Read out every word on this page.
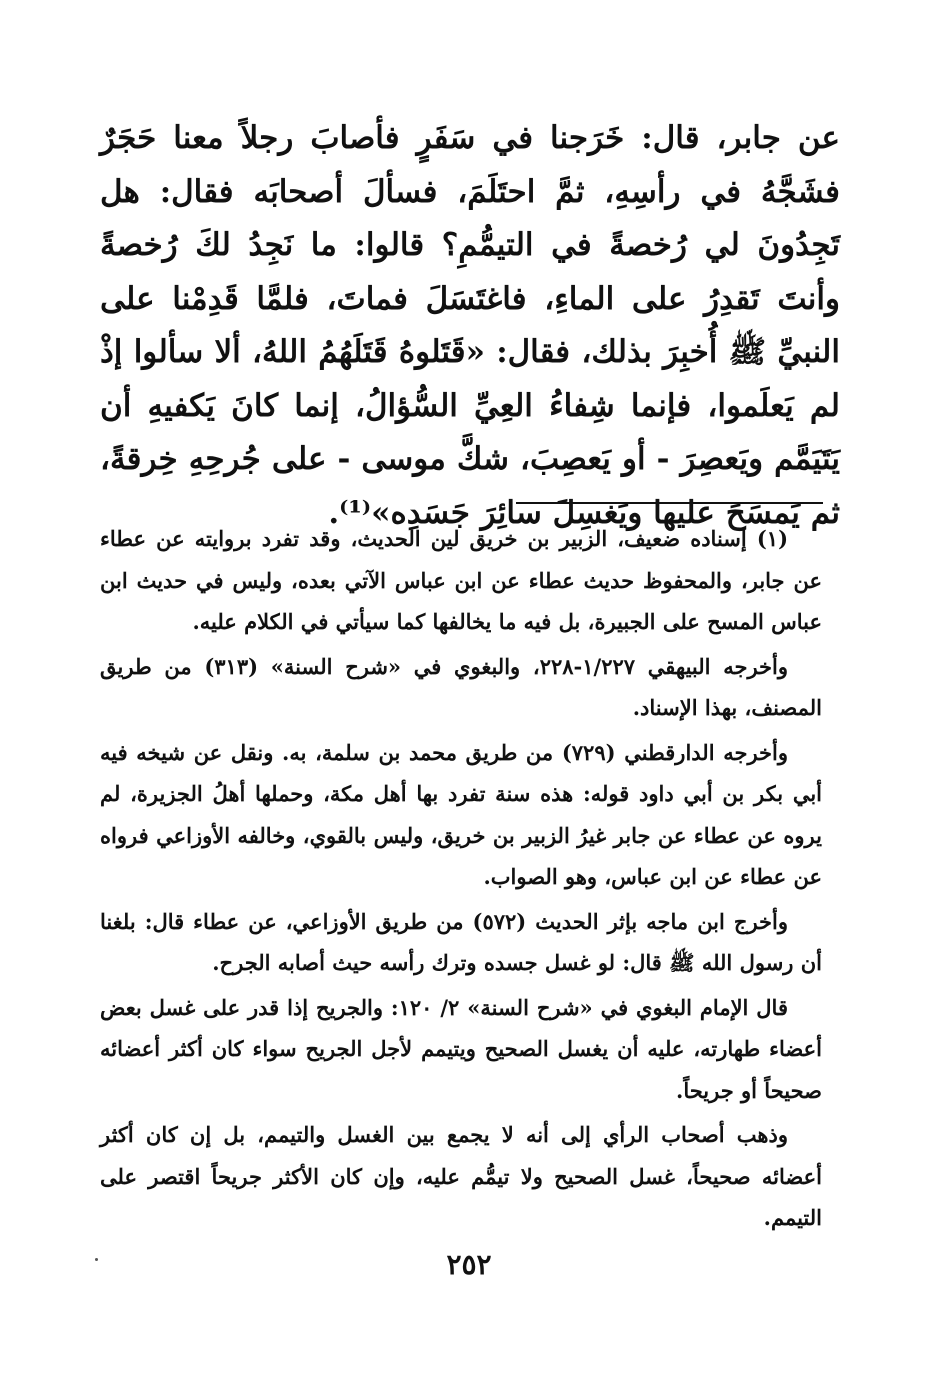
عن جابر، قال: خَرَجنا في سَفَرٍ فأصابَ رجلاً معنا حَجَرٌ فشَجَّهُ في رأسِهِ، ثمَّ احتَلَمَ، فسألَ أصحابَه فقال: هل تَجِدُونَ لي رُخصةً في التيمُّمِ؟ قالوا: ما نَجِدُ لكَ رُخصةً وأنتَ تَقدِرُ على الماءِ، فاغتَسَلَ فماتَ، فلمَّا قَدِمْنا على النبيِّ ﷺ أُخبِرَ بذلك، فقال: «قَتَلوهُ قَتَلَهُمُ اللهُ، ألا سألوا إذْ لم يَعلَموا، فإنما شِفاءُ العِيِّ السُّؤالُ، إنما كانَ يَكفيهِ أن يَتَيَمَّم ويَعصِرَ - أو يَعصِبَ، شكَّ موسى - على جُرحِهِ خِرقةً، ثم يَمسَحَ عليها ويَغسِلَ سائِرَ جَسَدِه»⁽¹⁾.

(١) إسناده ضعيف، الزبير بن خريق لين الحديث، وقد تفرد بروايته عن عطاء عن جابر، والمحفوظ حديث عطاء عن ابن عباس الآتي بعده، وليس في حديث ابن عباس المسح على الجبيرة، بل فيه ما يخالفها كما سيأتي في الكلام عليه.

وأخرجه البيهقي ١/٢٢٧-٢٢٨، والبغوي في «شرح السنة» (٣١٣) من طريق المصنف، بهذا الإسناد.

وأخرجه الدارقطني (٧٢٩) من طريق محمد بن سلمة، به. ونقل عن شيخه فيه أبي بكر بن أبي داود قوله: هذه سنة تفرد بها أهل مكة، وحملها أهلُ الجزيرة، لم يروه عن عطاء عن جابر غيرُ الزبير بن خريق، وليس بالقوي، وخالفه الأوزاعي فرواه عن عطاء عن ابن عباس، وهو الصواب.

وأخرج ابن ماجه بإثر الحديث (٥٧٢) من طريق الأوزاعي، عن عطاء قال: بلغنا أن رسول الله ﷺ قال: لو غسل جسده وترك رأسه حيث أصابه الجرح.

قال الإمام البغوي في «شرح السنة» ٢/ ١٢٠: والجريح إذا قدر على غسل بعض أعضاء طهارته، عليه أن يغسل الصحيح ويتيمم لأجل الجريح سواء كان أكثر أعضائه صحيحاً أو جريحاً.

وذهب أصحاب الرأي إلى أنه لا يجمع بين الغسل والتيمم، بل إن كان أكثر أعضائه صحيحاً، غسل الصحيح ولا تيمُّم عليه، وإن كان الأكثر جريحاً اقتصر على التيمم.

٢٥٢
